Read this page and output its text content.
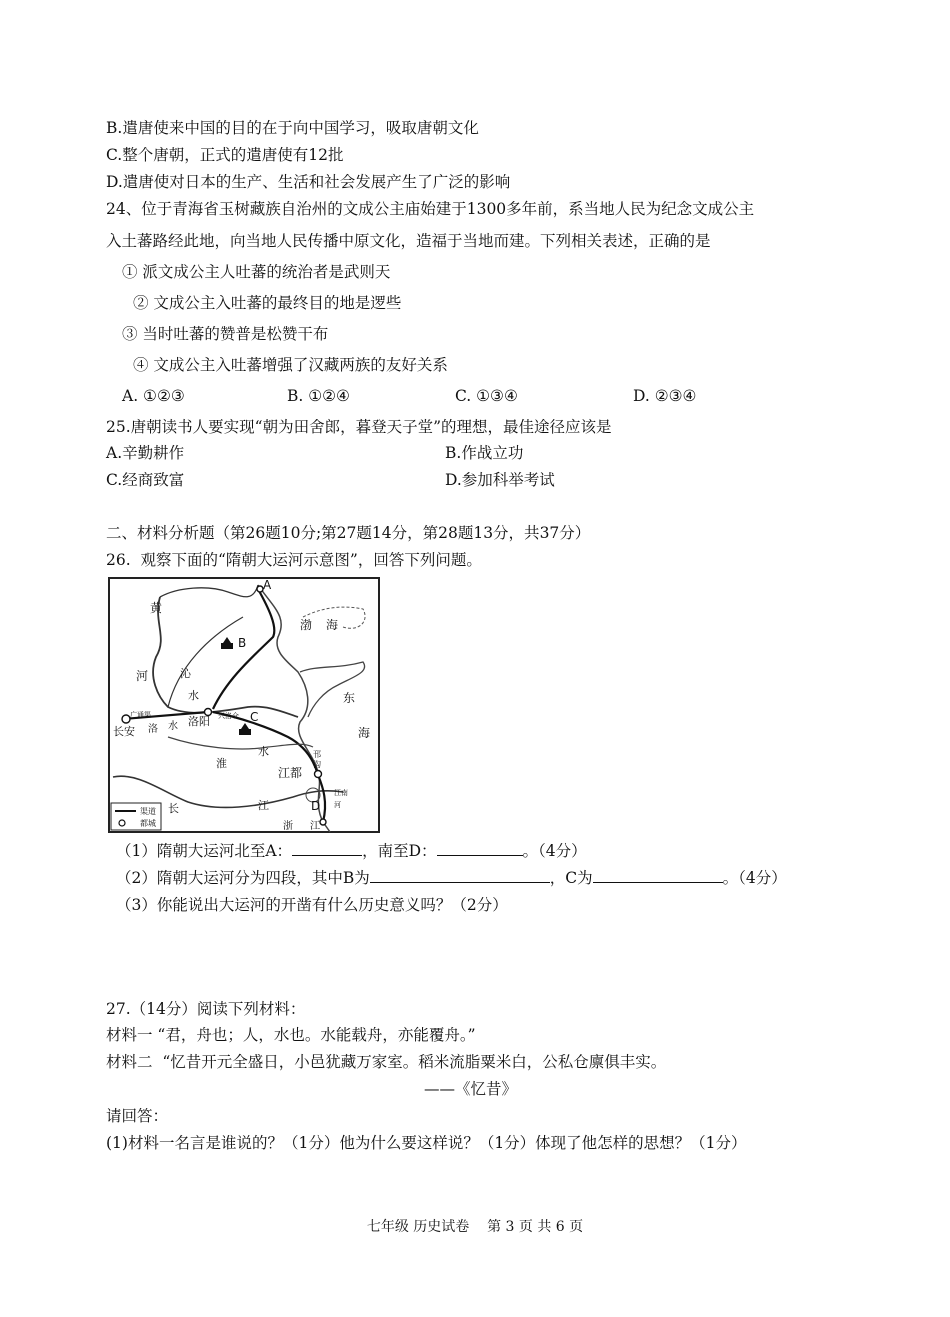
B.遣唐使来中国的目的在于向中国学习，吸取唐朝文化
C.整个唐朝，正式的遣唐使有12批
D.遣唐使对日本的生产、生活和社会发展产生了广泛的影响
24、位于青海省玉树藏族自治州的文成公主庙始建于1300多年前，系当地人民为纪念文成公主
入土蕃路经此地，向当地人民传播中原文化，造福于当地而建。下列相关表述，正确的是
① 派文成公主人吐蕃的统治者是武则天
② 文成公主入吐蕃的最终目的地是逻些
③ 当时吐蕃的赞普是松赞干布
④ 文成公主入吐蕃增强了汉藏两族的友好关系
A. ①②③	B. ①②④	C. ①③④	D. ②③④
25.唐朝读书人要实现“朝为田舍郎，暮登天子堂”的理想，最佳途径应该是
A.辛勤耕作	B.作战立功
C.经商致富	D.参加科举考试
二、材料分析题（第26题10分;第27题14分，第28题13分，共37分）
26.  观察下面的“隋朝大运河示意图”，回答下列问题。
A
B
C
D
黄
河
渤 海
东
海
沁
水
洛阳 兴洛仓
广通渠
长安 洛 水
淮
水
江都
邗
沟
江南
河
长	江
浙 江
渠道
都城
（1）隋朝大运河北至A：	，南至D：	。（4分）
（2）隋朝大运河分为四段，其中B为	，C为	。（4分）
（3）你能说出大运河的开凿有什么历史意义吗？（2分）
27.（14分）阅读下列材料：
材料一 “君，舟也；人，水也。水能载舟，亦能覆舟。”
材料二  “忆昔开元全盛日，小邑犹藏万家室。稻米流脂粟米白，公私仓廪俱丰实。
——《忆昔》
请回答：
(1)材料一名言是谁说的？（1分）他为什么要这样说？（1分）体现了他怎样的思想？（1分）
七年级 历史试卷    第 3 页 共 6 页
